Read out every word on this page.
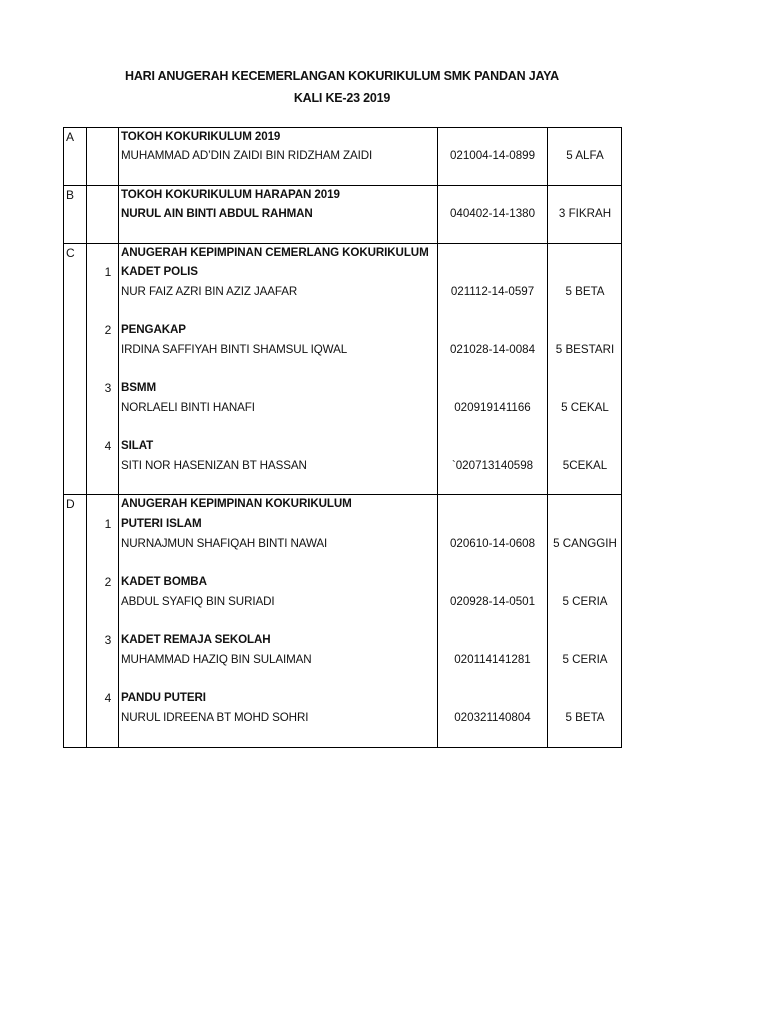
HARI ANUGERAH KECEMERLANGAN KOKURIKULUM SMK PANDAN JAYA
KALI KE-23 2019
A	TOKOH KOKURIKULUM 2019
MUHAMMAD AD’DIN ZAIDI BIN RIDZHAM ZAIDI	021004-14-0899	5 ALFA
B	TOKOH KOKURIKULUM HARAPAN 2019
NURUL AIN BINTI ABDUL RAHMAN	040402-14-1380	3 FIKRAH
C	ANUGERAH KEPIMPINAN CEMERLANG KOKURIKULUM
1 KADET POLIS
NUR FAIZ AZRI BIN AZIZ JAAFAR	021112-14-0597	5 BETA
2 PENGAKAP
IRDINA SAFFIYAH BINTI SHAMSUL IQWAL	021028-14-0084	5 BESTARI
3 BSMM
NORLAELI BINTI HANAFI	020919141166	5 CEKAL
4 SILAT
SITI NOR HASENIZAN BT HASSAN	`020713140598	5CEKAL
D	ANUGERAH KEPIMPINAN KOKURIKULUM
1 PUTERI ISLAM
NURNAJMUN SHAFIQAH BINTI NAWAI	020610-14-0608	5 CANGGIH
2 KADET BOMBA
ABDUL SYAFIQ BIN SURIADI	020928-14-0501	5 CERIA
3 KADET REMAJA SEKOLAH
MUHAMMAD HAZIQ BIN SULAIMAN	020114141281	5 CERIA
4 PANDU PUTERI
NURUL IDREENA BT MOHD SOHRI	020321140804	5 BETA
